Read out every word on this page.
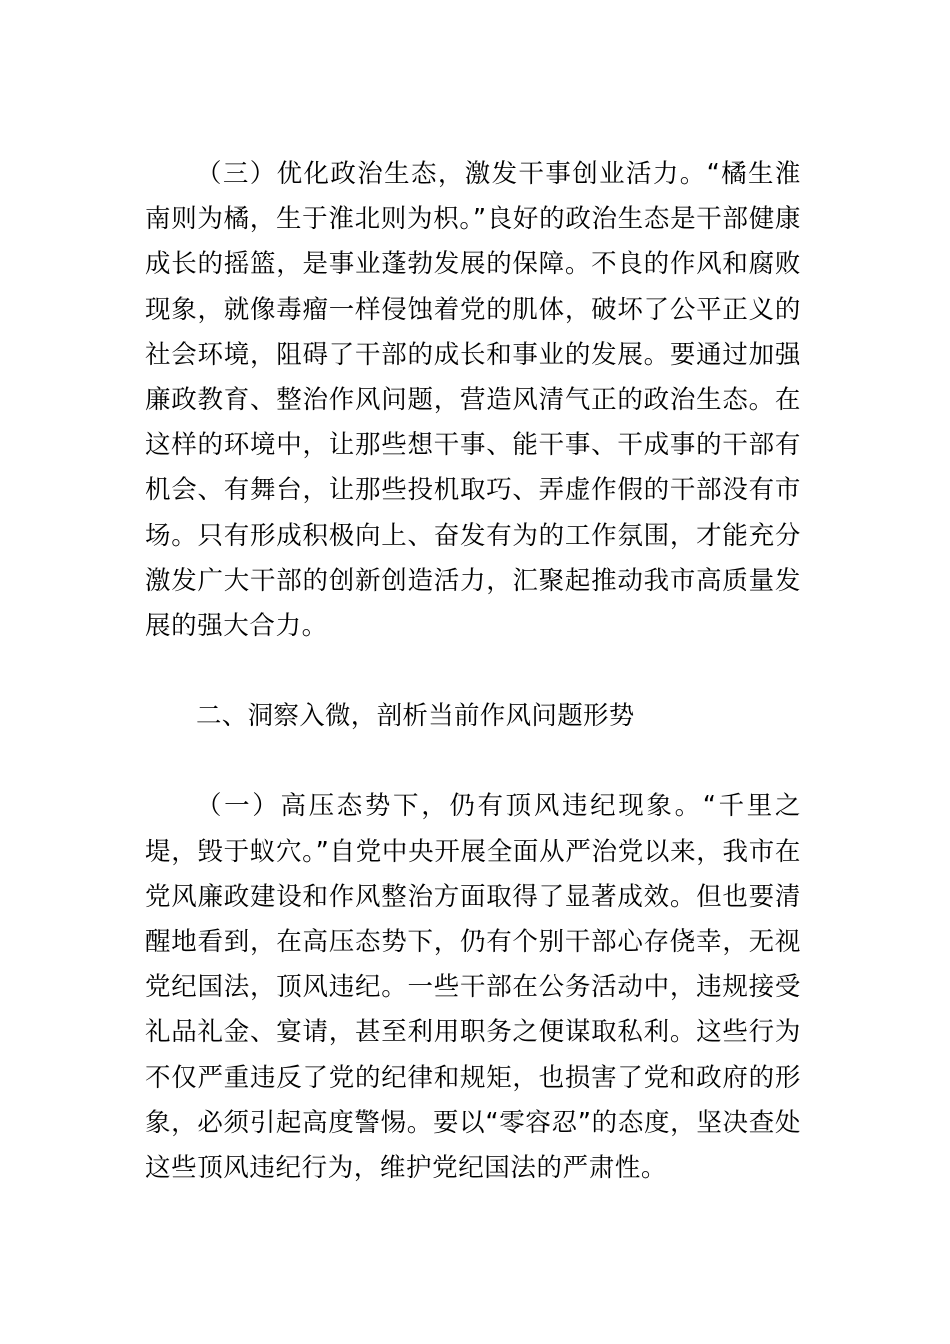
（三）优化政治生态，激发干事创业活力。“橘生淮南则为橘，生于淮北则为枳。”良好的政治生态是干部健康成长的摇篮，是事业蓬勃发展的保障。不良的作风和腐败现象，就像毒瘤一样侵蚀着党的肌体，破坏了公平正义的社会环境，阻碍了干部的成长和事业的发展。要通过加强廉政教育、整治作风问题，营造风清气正的政治生态。在这样的环境中，让那些想干事、能干事、干成事的干部有机会、有舞台，让那些投机取巧、弄虚作假的干部没有市场。只有形成积极向上、奋发有为的工作氛围，才能充分激发广大干部的创新创造活力，汇聚起推动我市高质量发展的强大合力。

二、洞察入微，剖析当前作风问题形势

（一）高压态势下，仍有顶风违纪现象。“千里之堤，毁于蚁穴。”自党中央开展全面从严治党以来，我市在党风廉政建设和作风整治方面取得了显著成效。但也要清醒地看到，在高压态势下，仍有个别干部心存侥幸，无视党纪国法，顶风违纪。一些干部在公务活动中，违规接受礼品礼金、宴请，甚至利用职务之便谋取私利。这些行为不仅严重违反了党的纪律和规矩，也损害了党和政府的形象，必须引起高度警惕。要以“零容忍”的态度，坚决查处这些顶风违纪行为，维护党纪国法的严肃性。
